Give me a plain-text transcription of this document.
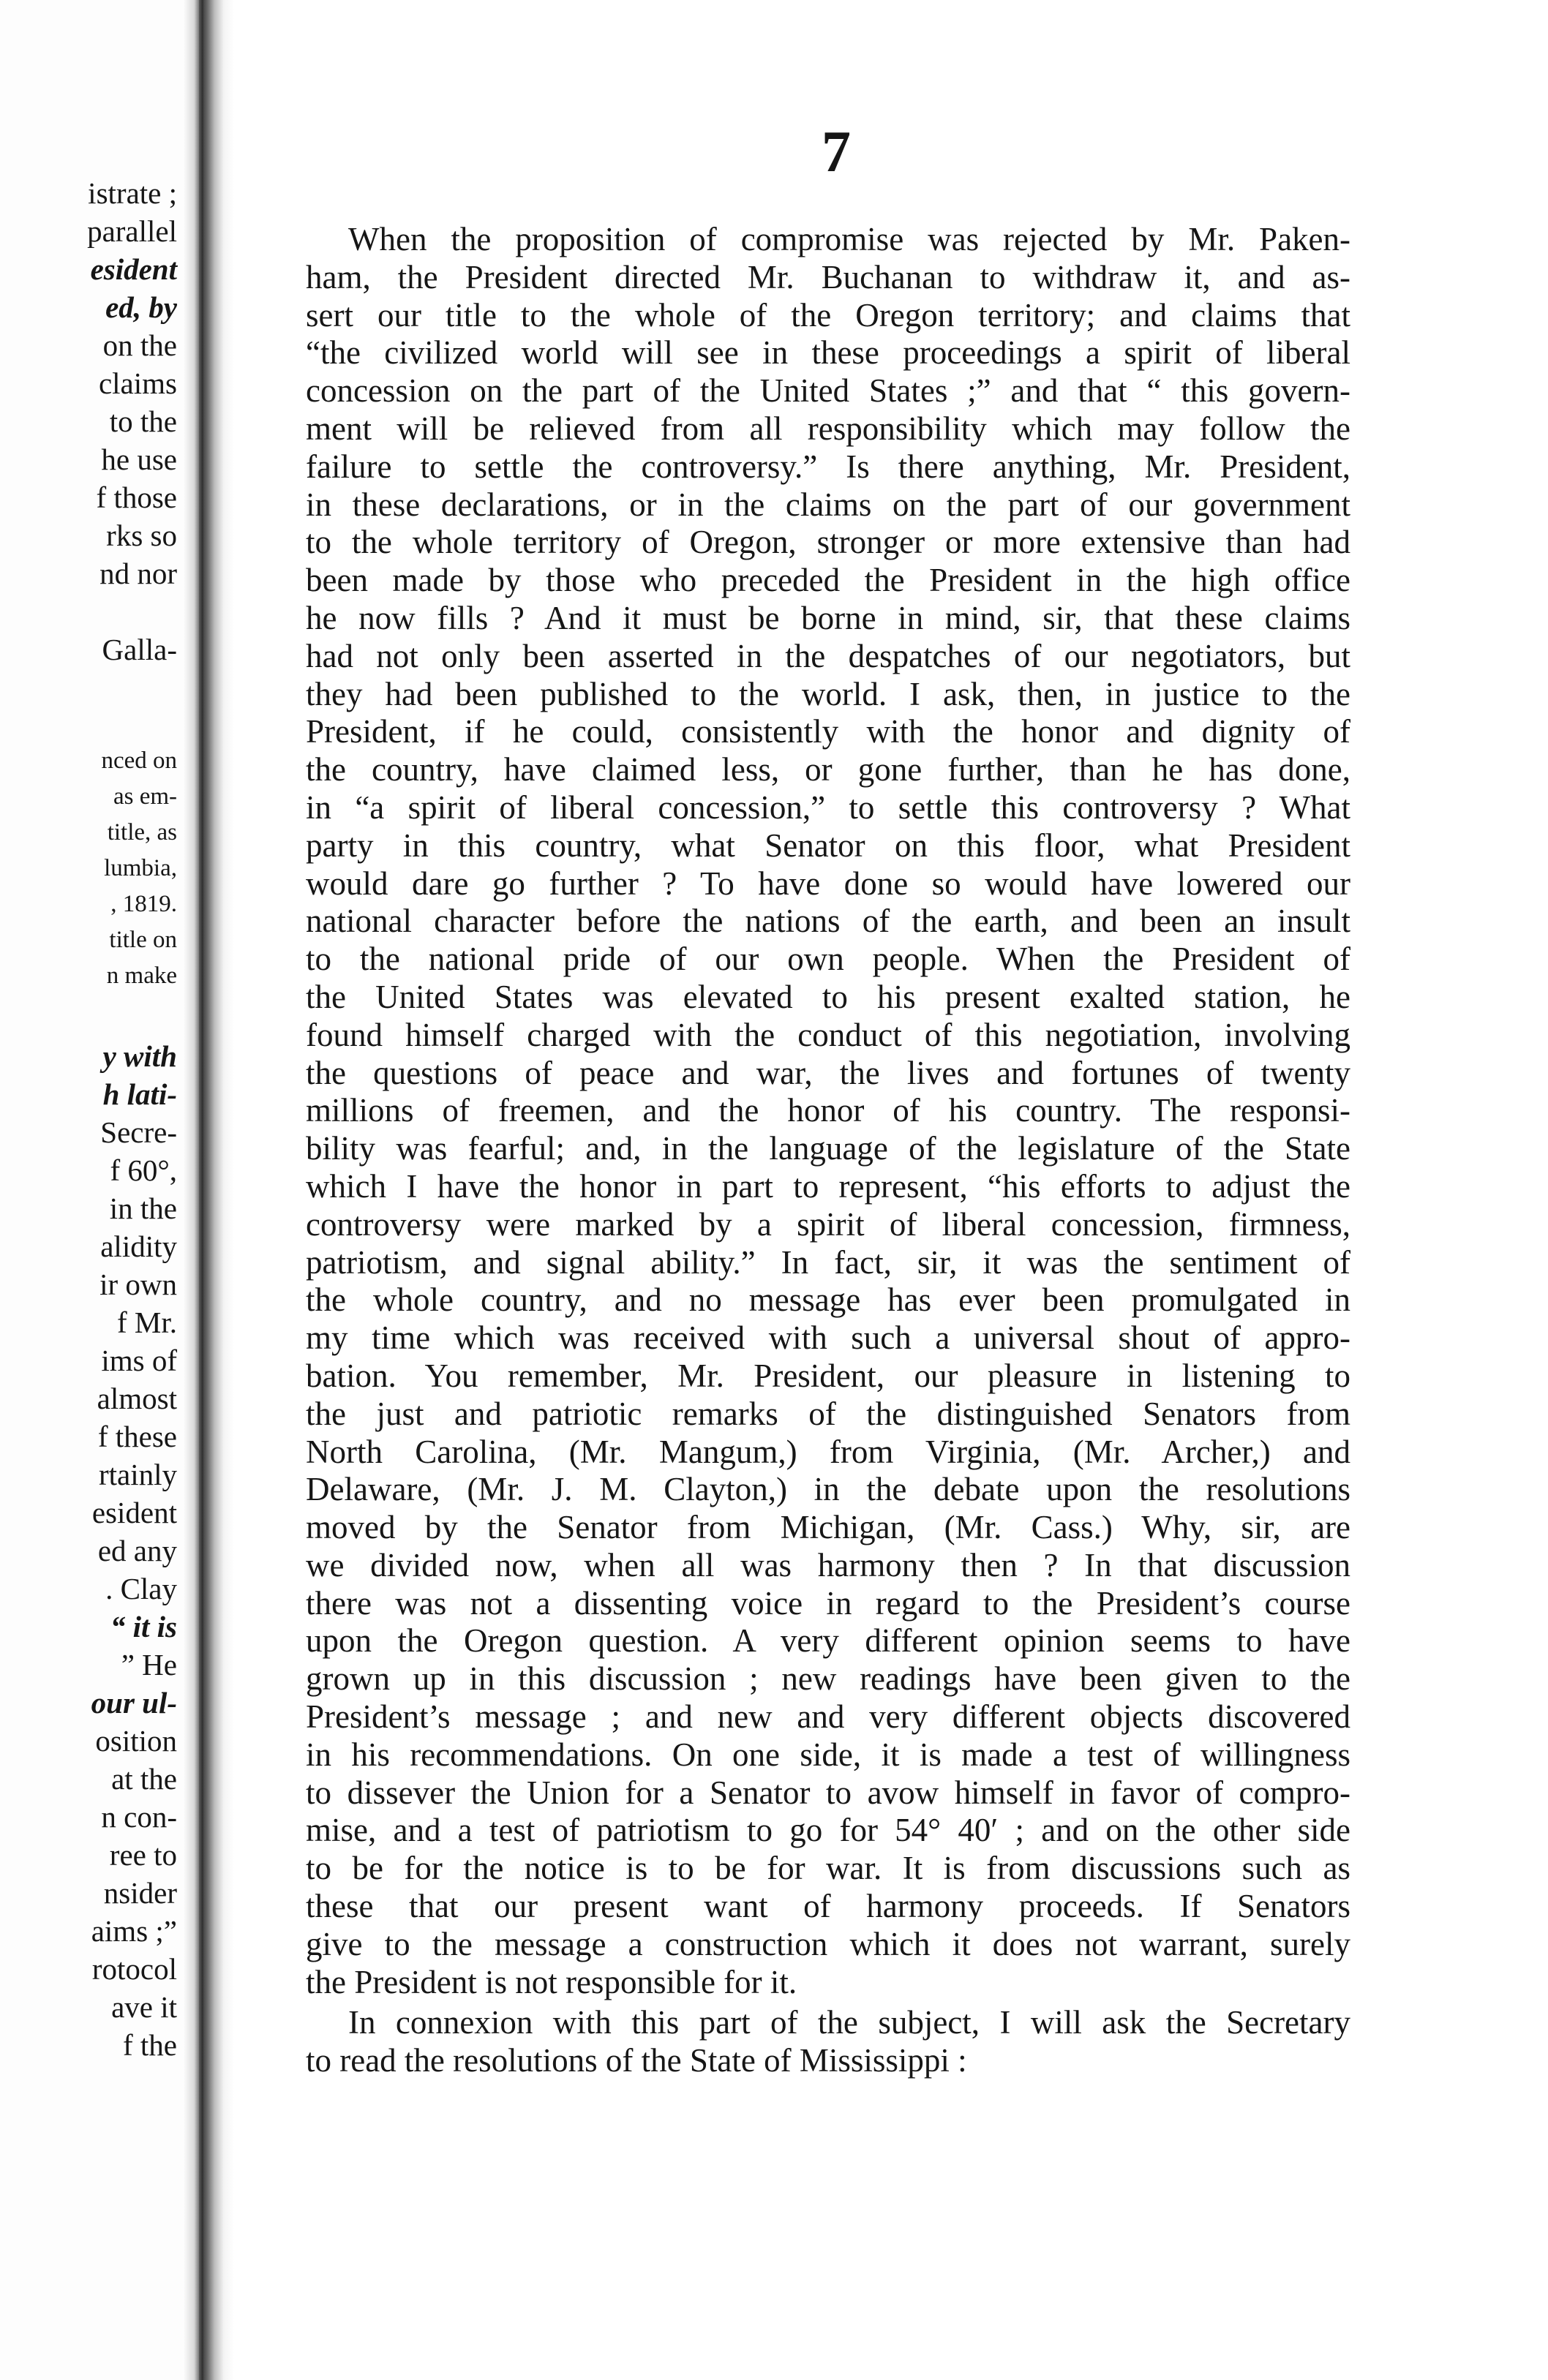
istrate ;
parallel
esident
ed, by
on the
claims
to the
he use
f those
rks so
nd nor
Galla-
nced on
as em-
title, as
lumbia,
, 1819.
title on
n make
y with
h lati-
Secre-
f 60°,
in the
alidity
ir own
f Mr.
ims of
almost
f these
rtainly
esident
ed any
. Clay
“ it is
” He
our ul-
osition
at the
n con-
ree to
nsider
aims ;”
rotocol
ave it
f the
7
When the proposition of compromise was rejected by Mr. Paken-
ham, the President directed Mr. Buchanan to withdraw it, and as-
sert our title to the whole of the Oregon territory; and claims that
“the civilized world will see in these proceedings a spirit of liberal
concession on the part of the United States ;” and that “ this govern-
ment will be relieved from all responsibility which may follow the
failure to settle the controversy.” Is there anything, Mr. President,
in these declarations, or in the claims on the part of our government
to the whole territory of Oregon, stronger or more extensive than had
been made by those who preceded the President in the high office
he now fills ? And it must be borne in mind, sir, that these claims
had not only been asserted in the despatches of our negotiators, but
they had been published to the world. I ask, then, in justice to the
President, if he could, consistently with the honor and dignity of
the country, have claimed less, or gone further, than he has done,
in “a spirit of liberal concession,” to settle this controversy ? What
party in this country, what Senator on this floor, what President
would dare go further ? To have done so would have lowered our
national character before the nations of the earth, and been an insult
to the national pride of our own people. When the President of
the United States was elevated to his present exalted station, he
found himself charged with the conduct of this negotiation, involving
the questions of peace and war, the lives and fortunes of twenty
millions of freemen, and the honor of his country. The responsi-
bility was fearful; and, in the language of the legislature of the State
which I have the honor in part to represent, “his efforts to adjust the
controversy were marked by a spirit of liberal concession, firmness,
patriotism, and signal ability.” In fact, sir, it was the sentiment of
the whole country, and no message has ever been promulgated in
my time which was received with such a universal shout of appro-
bation. You remember, Mr. President, our pleasure in listening to
the just and patriotic remarks of the distinguished Senators from
North Carolina, (Mr. Mangum,) from Virginia, (Mr. Archer,) and
Delaware, (Mr. J. M. Clayton,) in the debate upon the resolutions
moved by the Senator from Michigan, (Mr. Cass.) Why, sir, are
we divided now, when all was harmony then ? In that discussion
there was not a dissenting voice in regard to the President’s course
upon the Oregon question. A very different opinion seems to have
grown up in this discussion ; new readings have been given to the
President’s message ; and new and very different objects discovered
in his recommendations. On one side, it is made a test of willingness
to dissever the Union for a Senator to avow himself in favor of compro-
mise, and a test of patriotism to go for 54° 40′ ; and on the other side
to be for the notice is to be for war. It is from discussions such as
these that our present want of harmony proceeds. If Senators
give to the message a construction which it does not warrant, surely
the President is not responsible for it.
In connexion with this part of the subject, I will ask the Secretary
to read the resolutions of the State of Mississippi :
